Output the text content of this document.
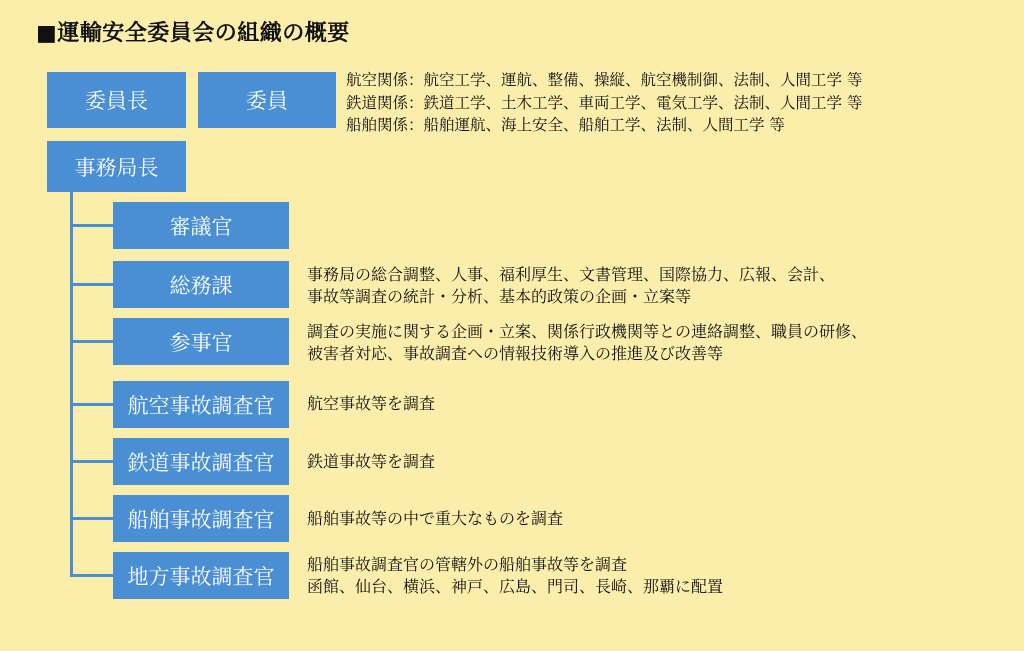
■運輸安全委員会の組織の概要
委員長	委員
航空関係：航空工学、運航、整備、操縦、航空機制御、法制、人間工学 等
鉄道関係：鉄道工学、土木工学、車両工学、電気工学、法制、人間工学 等
船舶関係：船舶運航、海上安全、船舶工学、法制、人間工学 等
事務局長
審議官
総務課	事務局の総合調整、人事、福利厚生、文書管理、国際協力、広報、会計、
事故等調査の統計・分析、基本的政策の企画・立案等
参事官	調査の実施に関する企画・立案、関係行政機関等との連絡調整、職員の研修、
被害者対応、事故調査への情報技術導入の推進及び改善等
航空事故調査官 航空事故等を調査
鉄道事故調査官 鉄道事故等を調査
船舶事故調査官 船舶事故等の中で重大なものを調査
地方事故調査官 船舶事故調査官の管轄外の船舶事故等を調査
函館、仙台、横浜、神戸、広島、門司、長崎、那覇に配置
